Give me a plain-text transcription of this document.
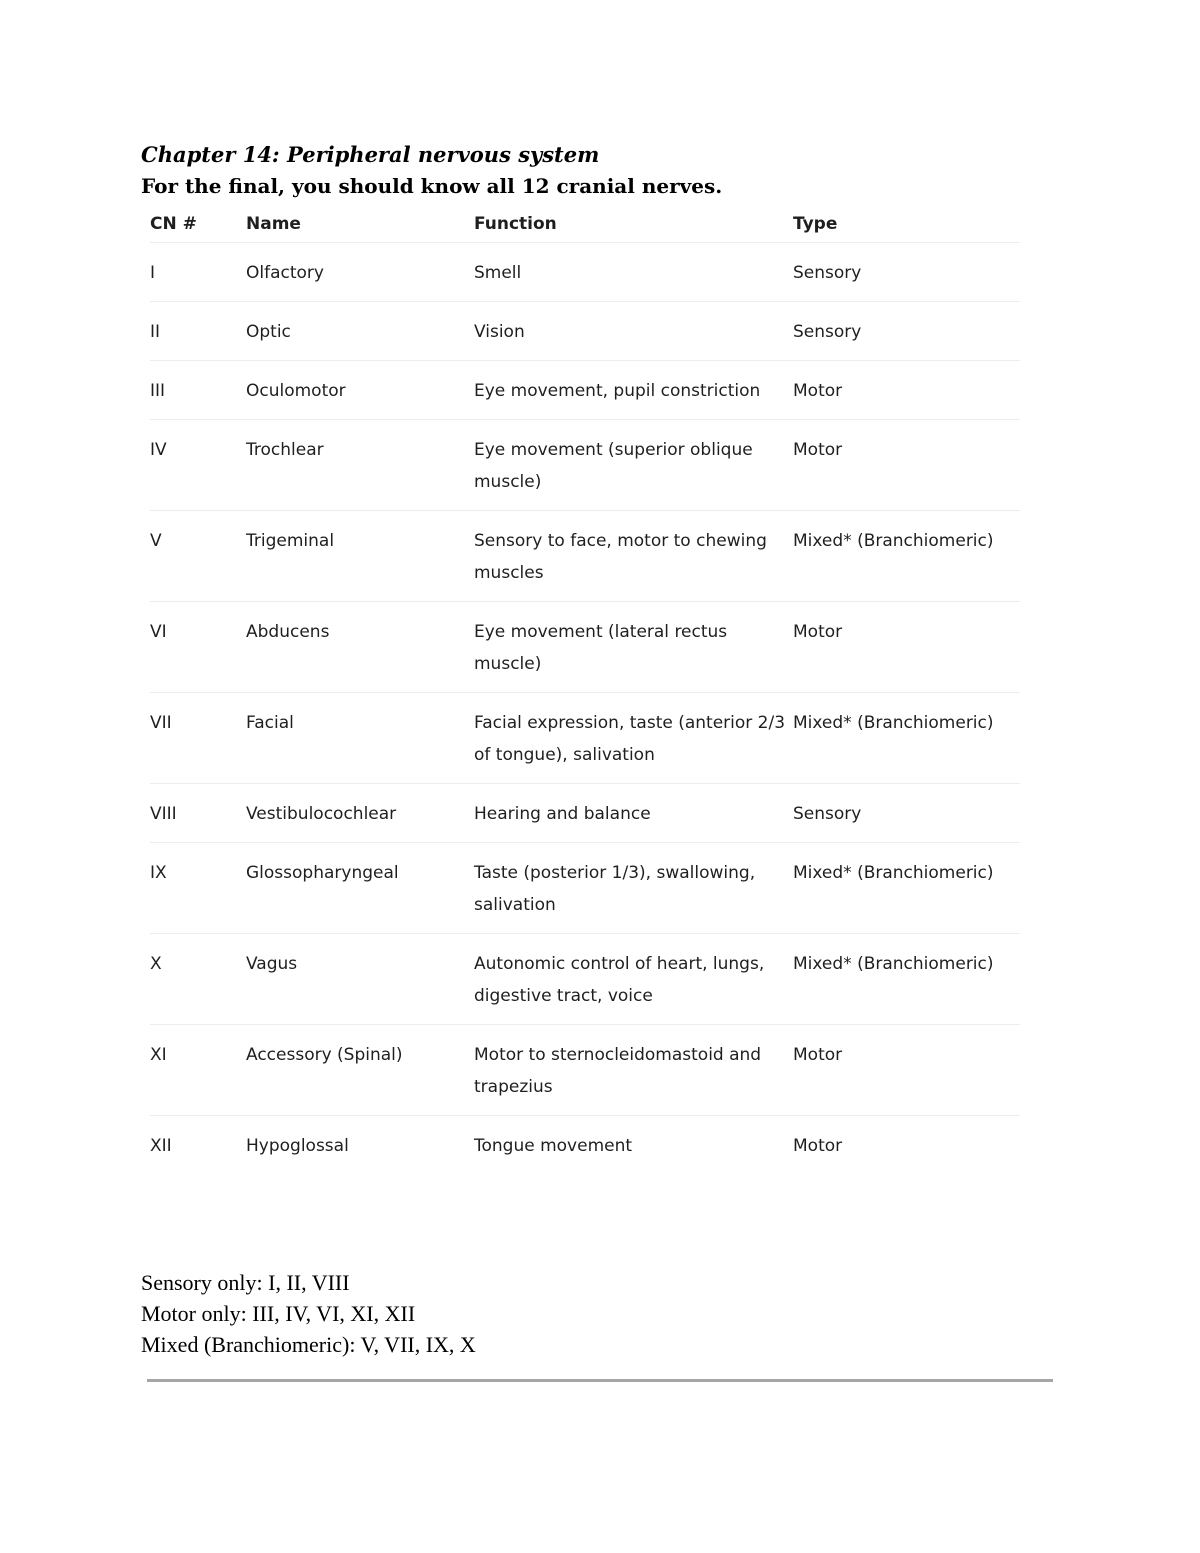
Chapter 14: Peripheral nervous system
For the final, you should know all 12 cranial nerves.
CN #	Name	Function	Type
I	Olfactory	Smell	Sensory
II	Optic	Vision	Sensory
III	Oculomotor	Eye movement, pupil constriction	Motor
IV	Trochlear	Eye movement (superior oblique muscle)	Motor
V	Trigeminal	Sensory to face, motor to chewing muscles	Mixed* (Branchiomeric)
VI	Abducens	Eye movement (lateral rectus muscle)	Motor
VII	Facial	Facial expression, taste (anterior 2/3 of tongue), salivation	Mixed* (Branchiomeric)
VIII	Vestibulocochlear	Hearing and balance	Sensory
IX	Glossopharyngeal	Taste (posterior 1/3), swallowing, salivation	Mixed* (Branchiomeric)
X	Vagus	Autonomic control of heart, lungs, digestive tract, voice	Mixed* (Branchiomeric)
XI	Accessory (Spinal)	Motor to sternocleidomastoid and trapezius	Motor
XII	Hypoglossal	Tongue movement	Motor
Sensory only: I, II, VIII
Motor only: III, IV, VI, XI, XII
Mixed (Branchiomeric): V, VII, IX, X
